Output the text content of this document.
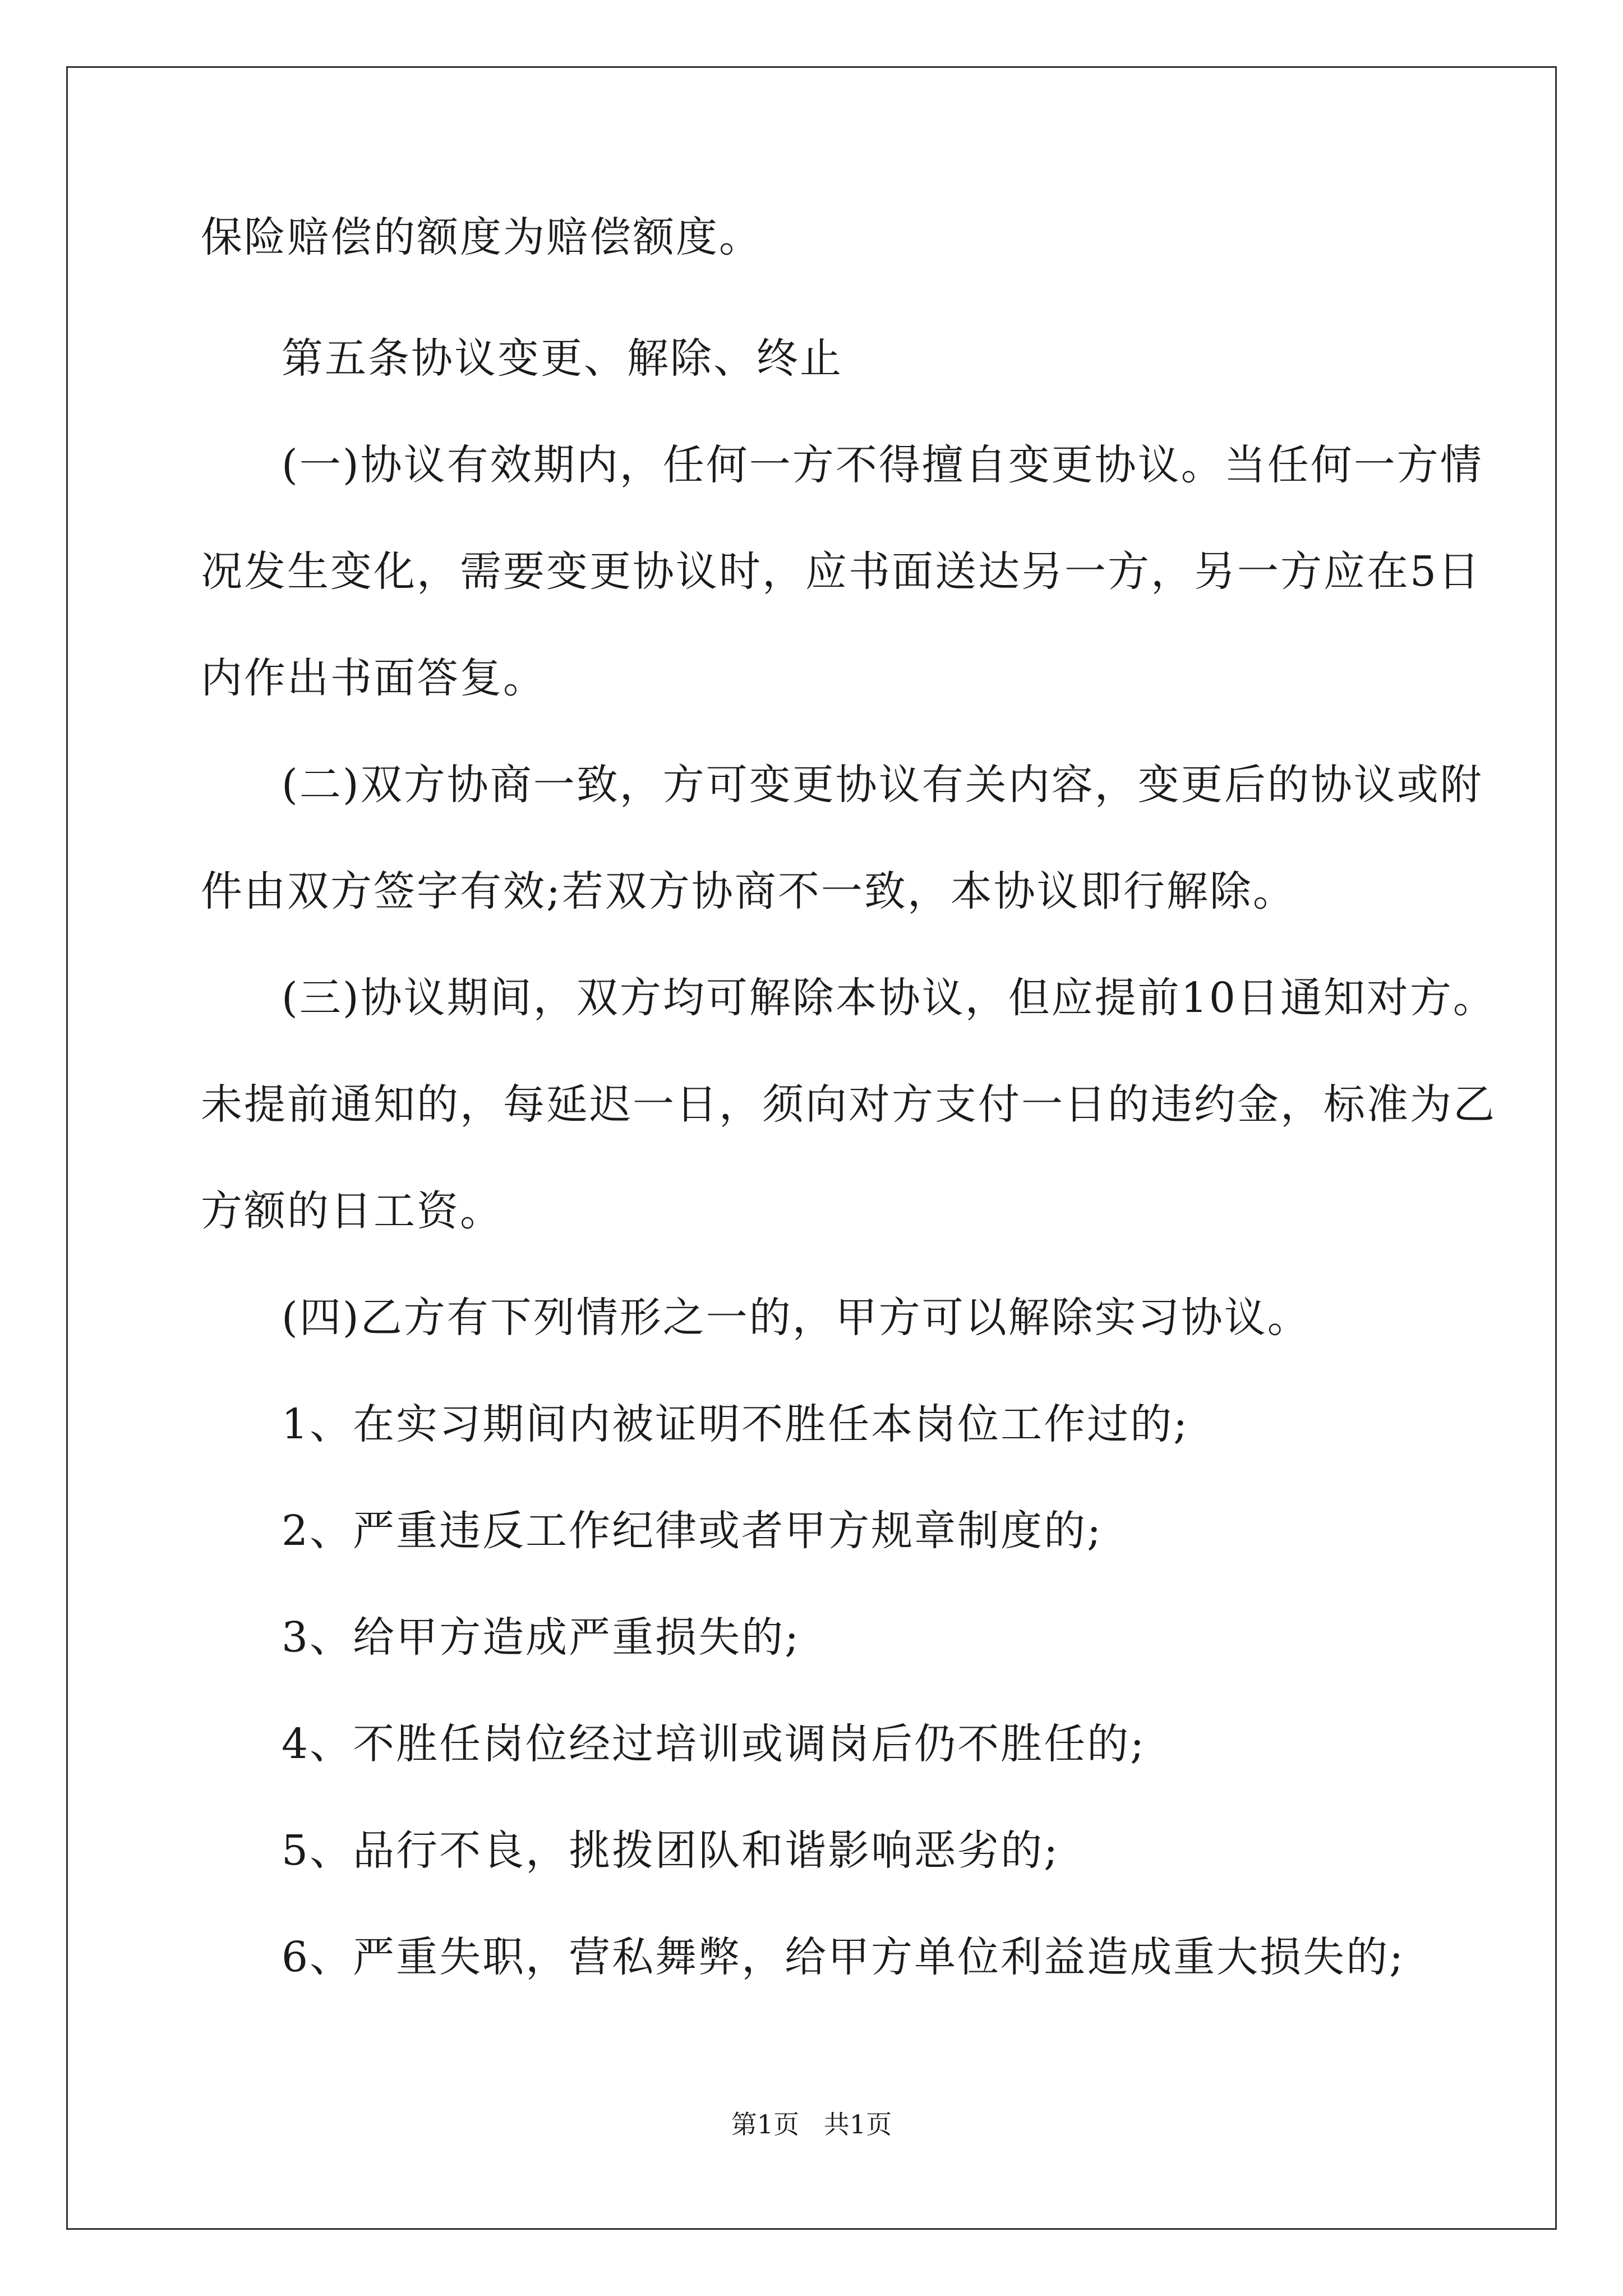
保险赔偿的额度为赔偿额度。
第五条协议变更、解除、终止
(一)协议有效期内，任何一方不得擅自变更协议。当任何一方情
况发生变化，需要变更协议时，应书面送达另一方，另一方应在5日
内作出书面答复。
(二)双方协商一致，方可变更协议有关内容，变更后的协议或附
件由双方签字有效;若双方协商不一致，本协议即行解除。
(三)协议期间，双方均可解除本协议，但应提前10日通知对方。
未提前通知的，每延迟一日，须向对方支付一日的违约金，标准为乙
方额的日工资。
(四)乙方有下列情形之一的，甲方可以解除实习协议。
1、在实习期间内被证明不胜任本岗位工作过的;
2、严重违反工作纪律或者甲方规章制度的;
3、给甲方造成严重损失的;
4、不胜任岗位经过培训或调岗后仍不胜任的;
5、品行不良，挑拨团队和谐影响恶劣的;
6、严重失职，营私舞弊，给甲方单位利益造成重大损失的;
第1页   共1页
